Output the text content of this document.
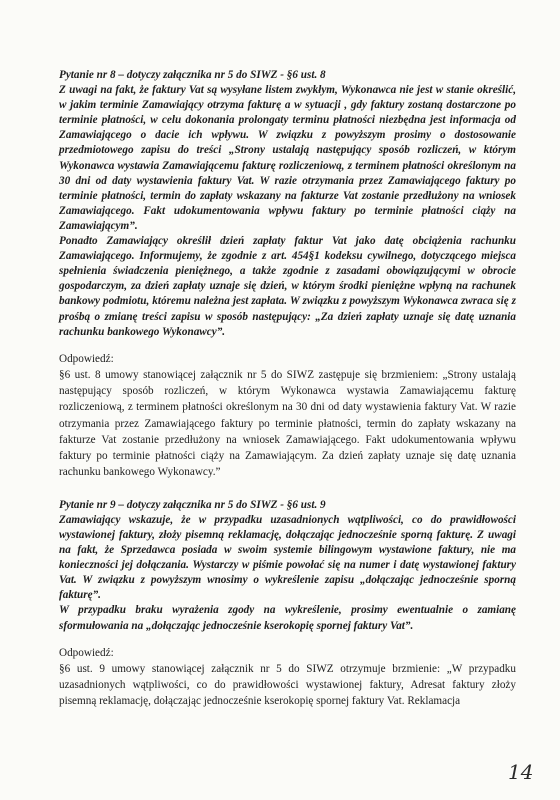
Pytanie nr 8 – dotyczy załącznika nr 5 do SIWZ - §6 ust. 8

Z uwagi na fakt, że faktury Vat są wysyłane listem zwykłym, Wykonawca nie jest w stanie określić, w jakim terminie Zamawiający otrzyma fakturę a w sytuacji , gdy faktury zostaną dostarczone po terminie płatności, w celu dokonania prolongaty terminu płatności niezbędna jest informacja od Zamawiającego o dacie ich wpływu. W związku z powyższym prosimy o dostosowanie przedmiotowego zapisu do treści „Strony ustalają następujący sposób rozliczeń, w którym Wykonawca wystawia Zamawiającemu fakturę rozliczeniową, z terminem płatności określonym na 30 dni od daty wystawienia faktury Vat. W razie otrzymania przez Zamawiającego faktury po terminie płatności, termin do zapłaty wskazany na fakturze Vat zostanie przedłużony na wniosek Zamawiającego. Fakt udokumentowania wpływu faktury po terminie płatności ciąży na Zamawiającym”.

Ponadto Zamawiający określił dzień zapłaty faktur Vat jako datę obciążenia rachunku Zamawiającego. Informujemy, że zgodnie z art. 454§1 kodeksu cywilnego, dotyczącego miejsca spełnienia świadczenia pieniężnego, a także zgodnie z zasadami obowiązującymi w obrocie gospodarczym, za dzień zapłaty uznaje się dzień, w którym środki pieniężne wpłyną na rachunek bankowy podmiotu, któremu należna jest zapłata. W związku z powyższym Wykonawca zwraca się z prośbą o zmianę treści zapisu w sposób następujący: „Za dzień zapłaty uznaje się datę uznania rachunku bankowego Wykonawcy”.

Odpowiedź:

§6 ust. 8 umowy stanowiącej załącznik nr 5 do SIWZ zastępuje się brzmieniem: „Strony ustalają następujący sposób rozliczeń, w którym Wykonawca wystawia Zamawiającemu fakturę rozliczeniową, z terminem płatności określonym na 30 dni od daty wystawienia faktury Vat. W razie otrzymania przez Zamawiającego faktury po terminie płatności, termin do zapłaty wskazany na fakturze Vat zostanie przedłużony na wniosek Zamawiającego. Fakt udokumentowania wpływu faktury po terminie płatności ciąży na Zamawiającym. Za dzień zapłaty uznaje się datę uznania rachunku bankowego Wykonawcy.”

Pytanie nr 9 – dotyczy załącznika nr 5 do SIWZ - §6 ust. 9

Zamawiający wskazuje, że w przypadku uzasadnionych wątpliwości, co do prawidłowości wystawionej faktury, złoży pisemną reklamację, dołączając jednocześnie sporną fakturę. Z uwagi na fakt, że Sprzedawca posiada w swoim systemie bilingowym wystawione faktury, nie ma konieczności jej dołączania. Wystarczy w piśmie powołać się na numer i datę wystawionej faktury Vat. W związku z powyższym wnosimy o wykreślenie zapisu „dołączając jednocześnie sporną fakturę”.

W przypadku braku wyrażenia zgody na wykreślenie, prosimy ewentualnie o zamianę sformułowania na „dołączając jednocześnie kserokopię spornej faktury Vat”.

Odpowiedź:

§6 ust. 9 umowy stanowiącej załącznik nr 5 do SIWZ otrzymuje brzmienie: „W przypadku uzasadnionych wątpliwości, co do prawidłowości wystawionej faktury, Adresat faktury złoży pisemną reklamację, dołączając jednocześnie kserokopię spornej faktury Vat. Reklamacja

14
